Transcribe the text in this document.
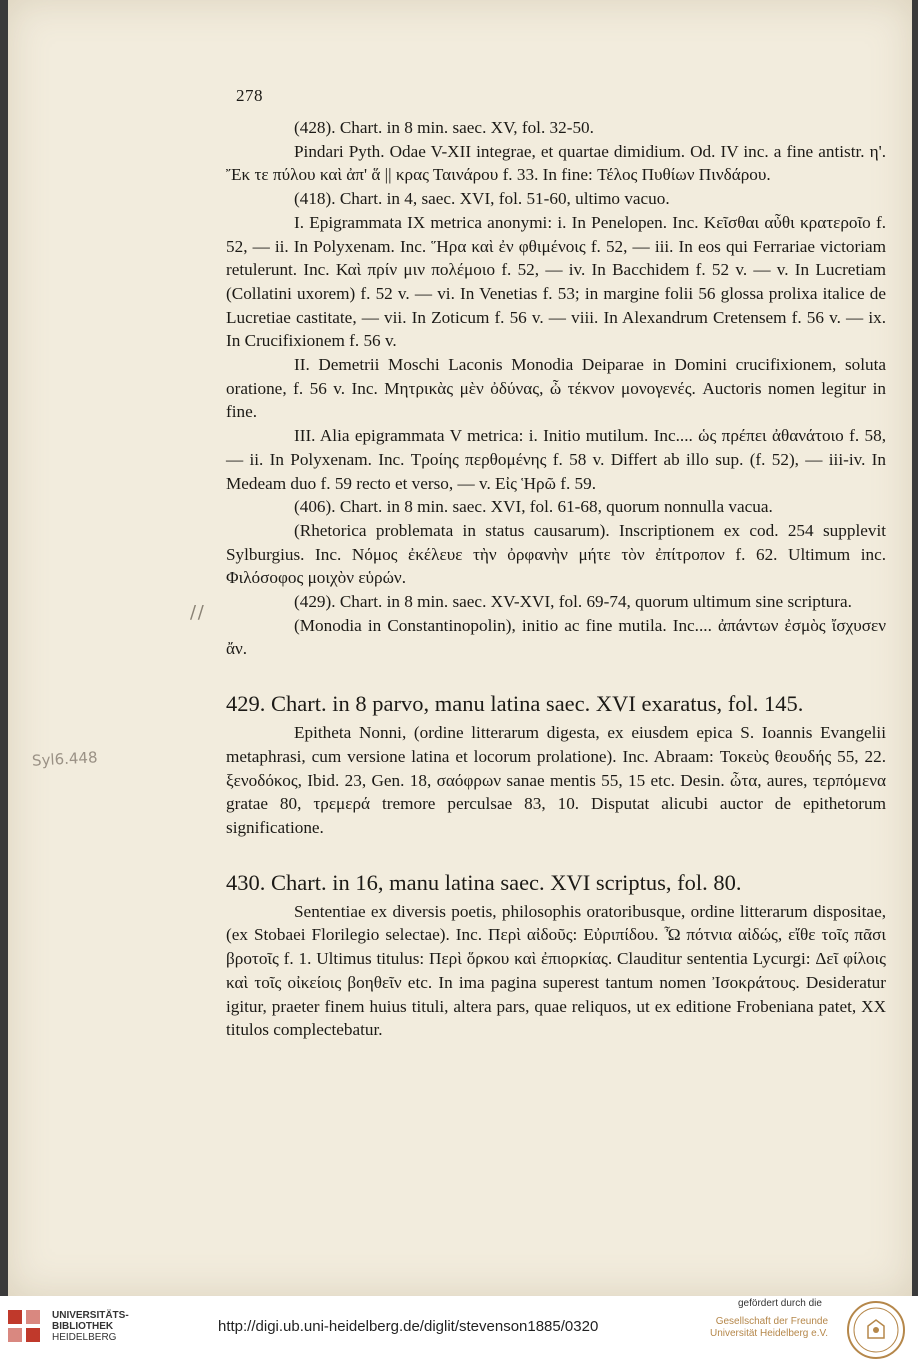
278

(428). Chart. in 8 min. saec. XV, fol. 32-50.

Pindari Pyth. Odae V-XII integrae, et quartae dimidium. Od. IV inc. a fine antistr. η'. Ἔκ τε πύλου καὶ ἀπ' ἅ || κρας Ταινάρου f. 33. In fine: Τέλος Πυθίων Πινδάρου.

(418). Chart. in 4, saec. XVI, fol. 51-60, ultimo vacuo.

I. Epigrammata IX metrica anonymi: i. In Penelopen. Inc. Κεῖσθαι αὖθι κρατεροῖο f. 52, — ii. In Polyxenam. Inc. Ἥρα καὶ ἐν φθιμένοις f. 52, — iii. In eos qui Ferrariae victoriam retulerunt. Inc. Καὶ πρίν μιν πολέμοιο f. 52, — iv. In Bacchidem f. 52 v. — v. In Lucretiam (Collatini uxorem) f. 52 v. — vi. In Venetias f. 53; in margine folii 56 glossa prolixa italice de Lucretiae castitate, — vii. In Zoticum f. 56 v. — viii. In Alexandrum Cretensem f. 56 v. — ix. In Crucifixionem f. 56 v.

II. Demetrii Moschi Laconis Monodia Deiparae in Domini crucifixionem, soluta oratione, f. 56 v. Inc. Μητρικὰς μὲν ὀδύνας, ὦ τέκνον μονογενές. Auctoris nomen legitur in fine.

III. Alia epigrammata V metrica: i. Initio mutilum. Inc.... ὡς πρέπει ἀθανάτοιο f. 58, — ii. In Polyxenam. Inc. Τροίης περθομένης f. 58 v. Differt ab illo sup. (f. 52), — iii-iv. In Medeam duo f. 59 recto et verso, — v. Εἰς Ἡρῶ f. 59.

(406). Chart. in 8 min. saec. XVI, fol. 61-68, quorum nonnulla vacua.

(Rhetorica problemata in status causarum). Inscriptionem ex cod. 254 supplevit Sylburgius. Inc. Νόμος ἐκέλευε τὴν ὀρφανὴν μήτε τὸν ἐπίτροπον f. 62. Ultimum inc. Φιλόσοφος μοιχὸν εὑρών.

(429). Chart. in 8 min. saec. XV-XVI, fol. 69-74, quorum ultimum sine scriptura.

(Monodia in Constantinopolin), initio ac fine mutila. Inc.... ἀπάντων ἐσμὸς ἴσχυσεν ἄν.

429. Chart. in 8 parvo, manu latina saec. XVI exaratus, fol. 145.

Epitheta Nonni, (ordine litterarum digesta, ex eiusdem epica S. Ioannis Evangelii metaphrasi, cum versione latina et locorum prolatione). Inc. Abraam: Τοκεὺς θεουδής 55, 22. ξενοδόκος, Ibid. 23, Gen. 18, σαόφρων sanae mentis 55, 15 etc. Desin. ὦτα, aures, τερπόμενα gratae 80, τρεμερά tremore perculsae 83, 10. Disputat alicubi auctor de epithetorum significatione.

430. Chart. in 16, manu latina saec. XVI scriptus, fol. 80.

Sententiae ex diversis poetis, philosophis oratoribusque, ordine litterarum dispositae, (ex Stobaei Florilegio selectae). Inc. Περὶ αἰδοῦς: Εὐριπίδου. Ὦ πότνια αἰδώς, εἴθε τοῖς πᾶσι βροτοῖς f. 1. Ultimus titulus: Περὶ ὅρκου καὶ ἐπιορκίας. Clauditur sententia Lycurgi: Δεῖ φίλοις καὶ τοῖς οἰκείοις βοηθεῖν etc. In ima pagina superest tantum nomen Ἰσοκράτους. Desideratur igitur, praeter finem huius tituli, altera pars, quae reliquos, ut ex editione Frobeniana patet, XX titulos complectebatur.

Syl6.448
/ /
UNIVERSITÄTS-
BIBLIOTHEK
HEIDELBERG
http://digi.ub.uni-heidelberg.de/diglit/stevenson1885/0320
gefördert durch die
Gesellschaft der Freunde
Universität Heidelberg e.V.
